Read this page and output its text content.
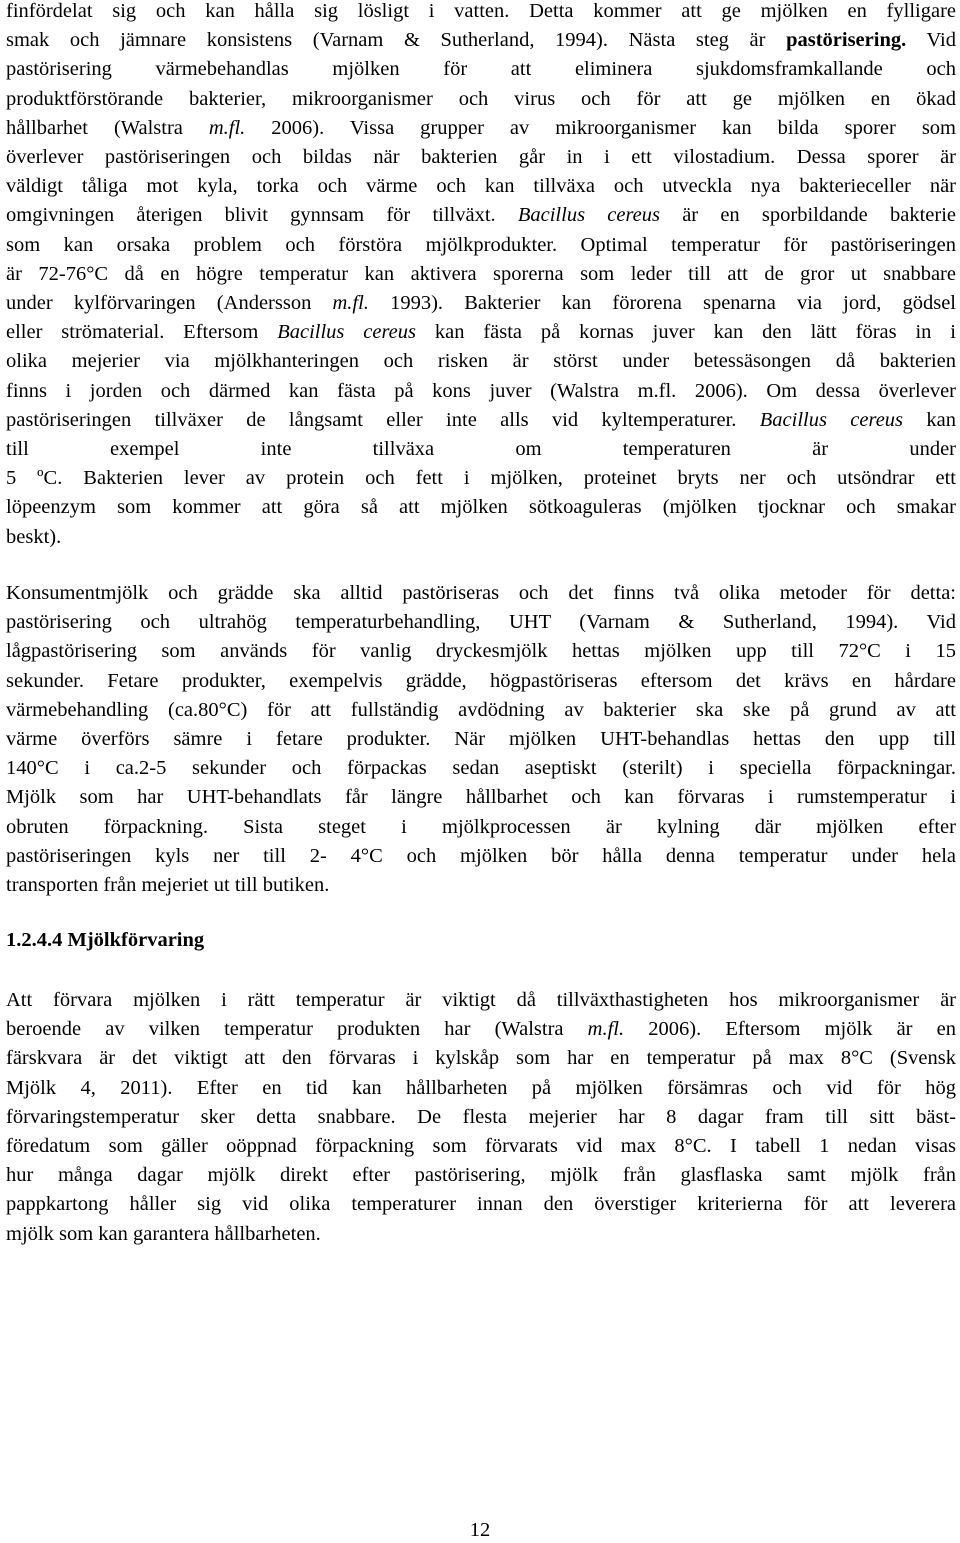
finfördelat sig och kan hålla sig lösligt i vatten. Detta kommer att ge mjölken en fylligare
smak och jämnare konsistens (Varnam & Sutherland, 1994). Nästa steg är pastörisering. Vid
pastörisering värmebehandlas mjölken för att eliminera sjukdomsframkallande och
produktförstörande bakterier, mikroorganismer och virus och för att ge mjölken en ökad
hållbarhet (Walstra m.fl. 2006). Vissa grupper av mikroorganismer kan bilda sporer som
överlever pastöriseringen och bildas när bakterien går in i ett vilostadium. Dessa sporer är
väldigt tåliga mot kyla, torka och värme och kan tillväxa och utveckla nya bakterieceller när
omgivningen återigen blivit gynnsam för tillväxt. Bacillus cereus är en sporbildande bakterie
som kan orsaka problem och förstöra mjölkprodukter. Optimal temperatur för pastöriseringen
är 72-76°C då en högre temperatur kan aktivera sporerna som leder till att de gror ut snabbare
under kylförvaringen (Andersson m.fl. 1993). Bakterier kan förorena spenarna via jord, gödsel
eller strömaterial. Eftersom Bacillus cereus kan fästa på kornas juver kan den lätt föras in i
olika mejerier via mjölkhanteringen och risken är störst under betessäsongen då bakterien
finns i jorden och därmed kan fästa på kons juver (Walstra m.fl. 2006). Om dessa överlever
pastöriseringen tillväxer de långsamt eller inte alls vid kyltemperaturer. Bacillus cereus kan
till exempel inte tillväxa om temperaturen är under
5 ºC. Bakterien lever av protein och fett i mjölken, proteinet bryts ner och utsöndrar ett
löpeenzym som kommer att göra så att mjölken sötkoaguleras (mjölken tjocknar och smakar
beskt).

Konsumentmjölk och grädde ska alltid pastöriseras och det finns två olika metoder för detta:
pastörisering och ultrahög temperaturbehandling, UHT (Varnam & Sutherland, 1994). Vid
lågpastörisering som används för vanlig dryckesmjölk hettas mjölken upp till 72°C i 15
sekunder. Fetare produkter, exempelvis grädde, högpastöriseras eftersom det krävs en hårdare
värmebehandling (ca.80°C) för att fullständig avdödning av bakterier ska ske på grund av att
värme överförs sämre i fetare produkter. När mjölken UHT-behandlas hettas den upp till
140°C i ca.2-5 sekunder och förpackas sedan aseptiskt (sterilt) i speciella förpackningar.
Mjölk som har UHT-behandlats får längre hållbarhet och kan förvaras i rumstemperatur i
obruten förpackning. Sista steget i mjölkprocessen är kylning där mjölken efter
pastöriseringen kyls ner till 2- 4°C och mjölken bör hålla denna temperatur under hela
transporten från mejeriet ut till butiken.

1.2.4.4 Mjölkförvaring

Att förvara mjölken i rätt temperatur är viktigt då tillväxthastigheten hos mikroorganismer är
beroende av vilken temperatur produkten har (Walstra m.fl. 2006). Eftersom mjölk är en
färskvara är det viktigt att den förvaras i kylskåp som har en temperatur på max 8°C (Svensk
Mjölk 4, 2011). Efter en tid kan hållbarheten på mjölken försämras och vid för hög
förvaringstemperatur sker detta snabbare. De flesta mejerier har 8 dagar fram till sitt bäst-
föredatum som gäller oöppnad förpackning som förvarats vid max 8°C. I tabell 1 nedan visas
hur många dagar mjölk direkt efter pastörisering, mjölk från glasflaska samt mjölk från
pappkartong håller sig vid olika temperaturer innan den överstiger kriterierna för att leverera
mjölk som kan garantera hållbarheten.

12
